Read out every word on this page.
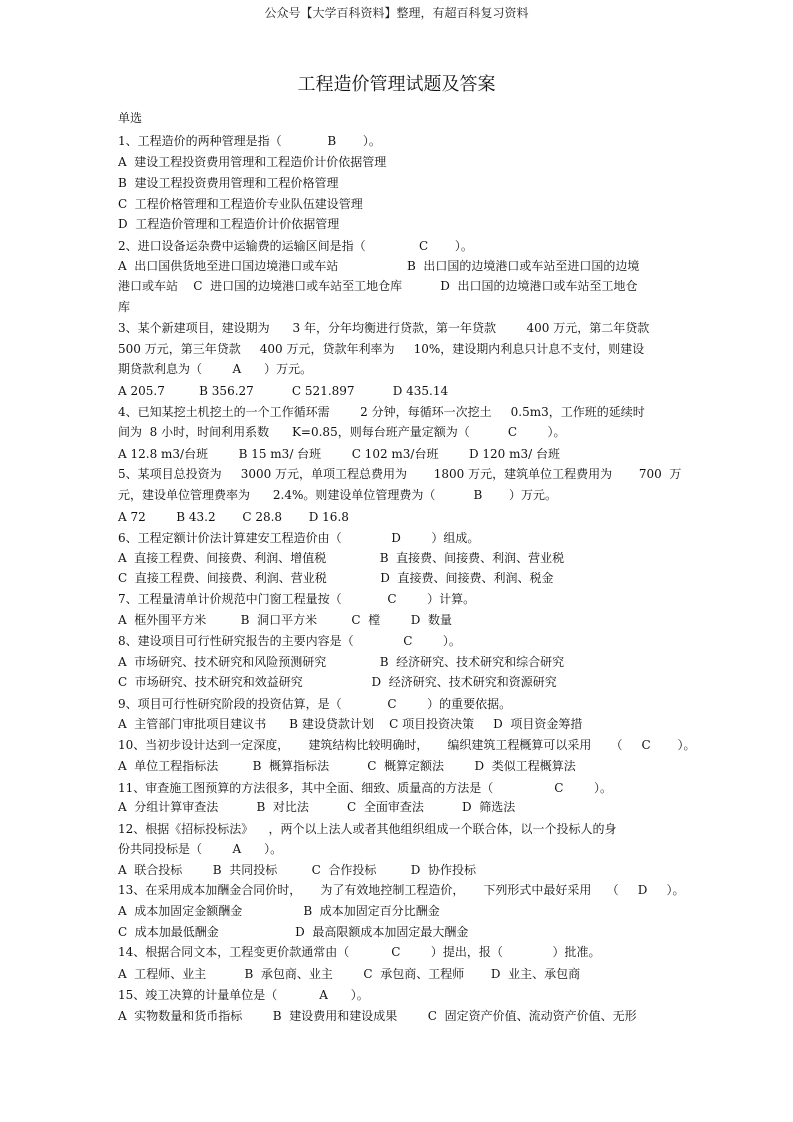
公众号【大学百科资料】整理，有超百科复习资料
工程造价管理试题及答案
单选
1、工程造价的两种管理是指（            B       ）。
A  建设工程投资费用管理和工程造价计价依据管理
B  建设工程投资费用管理和工程价格管理
C  工程价格管理和工程造价专业队伍建设管理
D  工程造价管理和工程造价计价依据管理
2、进口设备运杂费中运输费的运输区间是指（              C       ）。
A  出口国供货地至进口国边境港口或车站                  B  出口国的边境港口或车站至进口国的边境
港口或车站    C  进口国的边境港口或车站至工地仓库          D  出口国的边境港口或车站至工地仓
库
3、某个新建项目，建设期为      3 年，分年均衡进行贷款，第一年贷款        400 万元，第二年贷款
500 万元，第三年贷款     400 万元，贷款年利率为     10%，建设期内利息只计息不支付，则建设
期贷款利息为（        A      ）万元。
A 205.7         B 356.27          C 521.897          D 435.14
4、已知某挖土机挖土的一个工作循环需        2 分钟，每循环一次挖土     0.5m3，工作班的延续时
间为  8 小时，时间利用系数      K=0.85，则每台班产量定额为（          C        ）。
A 12.8 m3/台班        B 15 m3/ 台班        C 102 m3/台班        D 120 m3/ 台班
5、某项目总投资为     3000 万元，单项工程总费用为       1800 万元，建筑单位工程费用为       700  万
元，建设单位管理费率为      2.4%。则建设单位管理费为（          B       ）万元。
A 72        B 43.2       C 28.8       D 16.8
6、工程定额计价法计算建安工程造价由（             D        ）组成。
A  直接工程费、间接费、利润、增值税              B  直接费、间接费、利润、营业税
C  直接工程费、间接费、利润、营业税              D  直接费、间接费、利润、税金
7、工程量清单计价规范中门窗工程量按（            C        ）计算。
A  框外围平方米         B  洞口平方米         C  樘        D  数量
8、建设项目可行性研究报告的主要内容是（             C        ）。
A  市场研究、技术研究和风险预测研究              B  经济研究、技术研究和综合研究
C  市场研究、技术研究和效益研究                  D  经济研究、技术研究和资源研究
9、项目可行性研究阶段的投资估算，是（            C        ）的重要依据。
A  主管部门审批项目建议书      B 建设贷款计划    C 项目投资决策     D  项目资金筹措
10、当初步设计达到一定深度，     建筑结构比较明确时，     编织建筑工程概算可以采用     （     C       ）。
A  单位工程指标法         B  概算指标法          C  概算定额法        D  类似工程概算法
11、审查施工图预算的方法很多，其中全面、细致、质量高的方法是（                C        ）。
A  分组计算审查法          B  对比法          C  全面审查法          D  筛选法
12、根据《招标投标法》    ，两个以上法人或者其他组织组成一个联合体，以一个投标人的身
份共同投标是（        A      ）。
A  联合投标        B  共同投标         C  合作投标         D  协作投标
13、在采用成本加酬金合同价时，     为了有效地控制工程造价，     下列形式中最好采用    （     D     ）。
A  成本加固定金额酬金                B  成本加固定百分比酬金
C  成本加最低酬金                    D  最高限额成本加固定最大酬金
14、根据合同文本，工程变更价款通常由（           C        ）提出，报（             ）批准。
A  工程师、业主          B  承包商、业主        C  承包商、工程师       D  业主、承包商
15、竣工决算的计量单位是（           A      ）。
A  实物数量和货币指标        B  建设费用和建设成果        C  固定资产价值、流动资产价值、无形
